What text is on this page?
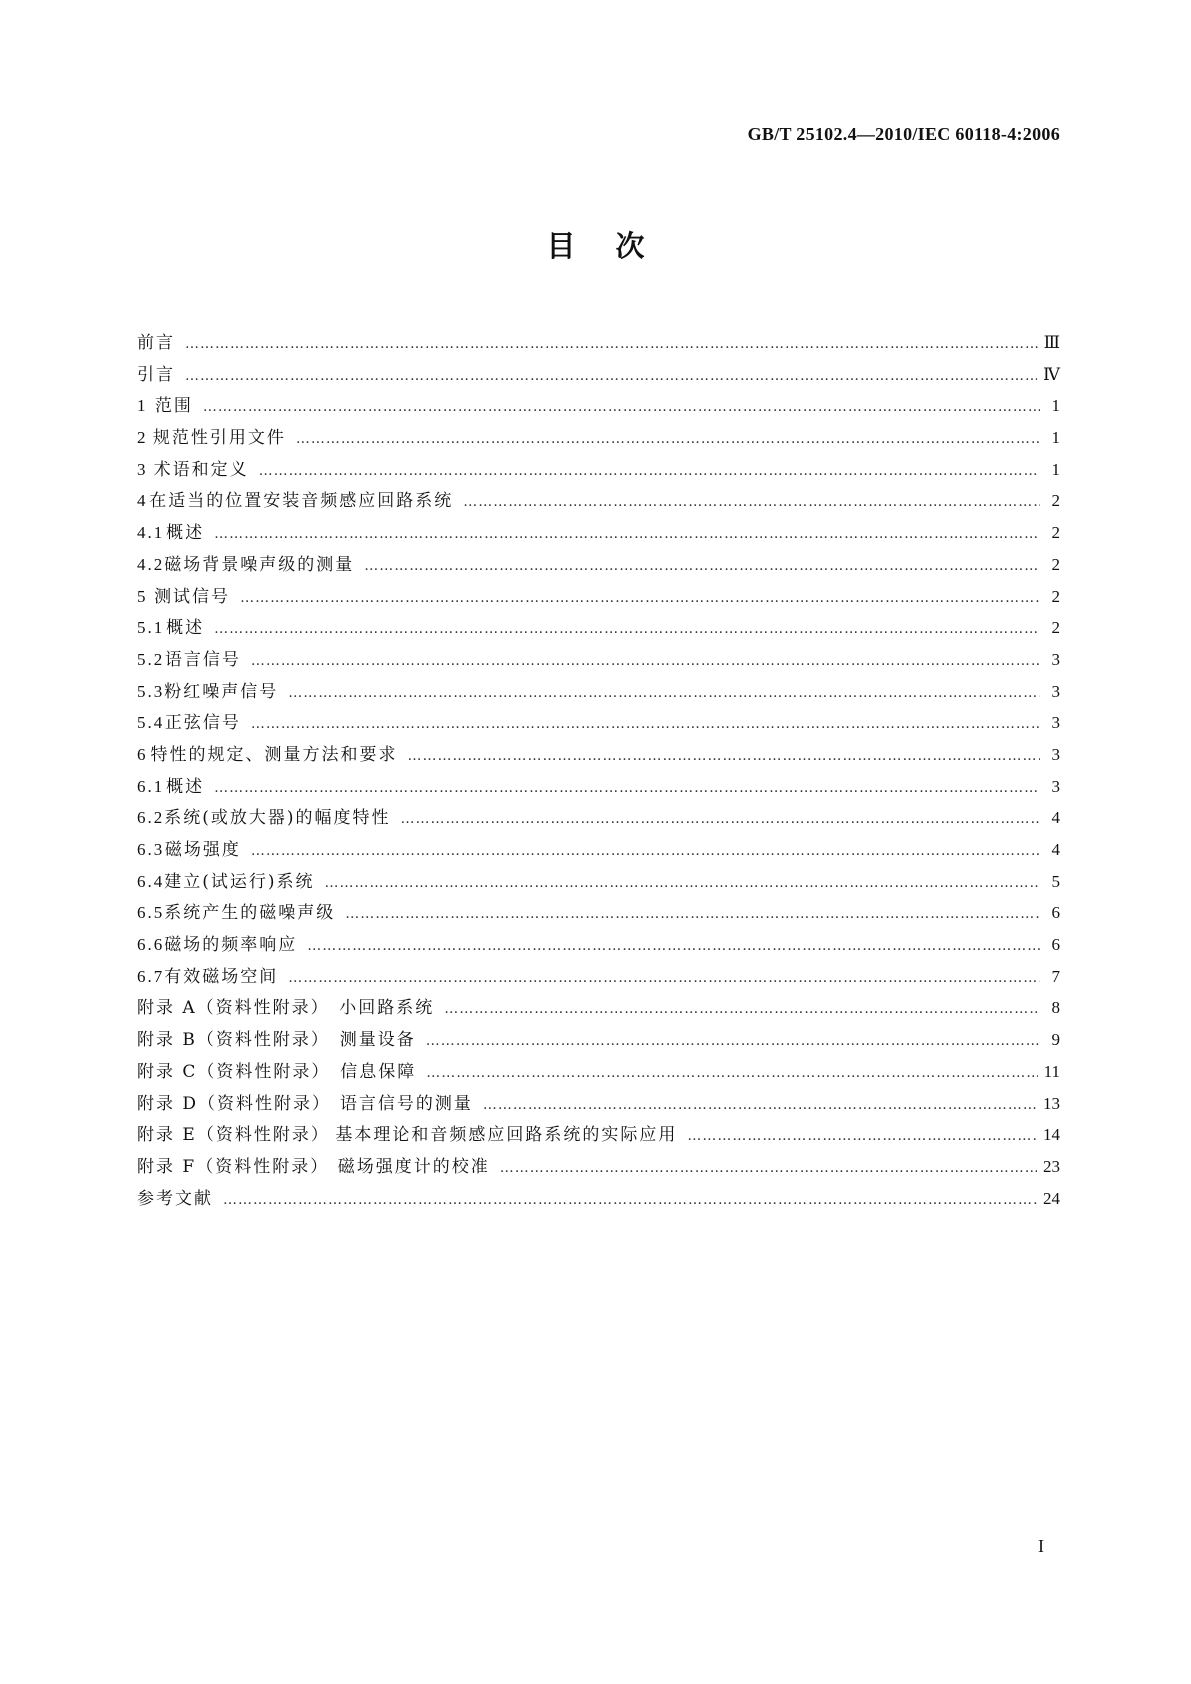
GB/T 25102.4—2010/IEC 60118-4:2006
目次
前言 …………………………………………………………………………………………………………………………………………………………………………………………………………………………………………………………………………	Ⅲ
引言 …………………………………………………………………………………………………………………………………………………………………………………………………………………………………………………………………………	Ⅳ
1 范围 …………………………………………………………………………………………………………………………………………………………………………………………………………………………………………………………………………	1
2 规范性引用文件 …………………………………………………………………………………………………………………………………………………………………………………………………………………………………………………………………………	1
3 术语和定义 …………………………………………………………………………………………………………………………………………………………………………………………………………………………………………………………………………	1
4 在适当的位置安装音频感应回路系统 …………………………………………………………………………………………………………………………………………………………………………………………………………………………………………………………………………	2
4.1 概述 …………………………………………………………………………………………………………………………………………………………………………………………………………………………………………………………………………	2
4.2 磁场背景噪声级的测量 …………………………………………………………………………………………………………………………………………………………………………………………………………………………………………………………………………	2
5 测试信号 …………………………………………………………………………………………………………………………………………………………………………………………………………………………………………………………………………	2
5.1 概述 …………………………………………………………………………………………………………………………………………………………………………………………………………………………………………………………………………	2
5.2 语言信号 …………………………………………………………………………………………………………………………………………………………………………………………………………………………………………………………………………	3
5.3 粉红噪声信号 …………………………………………………………………………………………………………………………………………………………………………………………………………………………………………………………………………	3
5.4 正弦信号 …………………………………………………………………………………………………………………………………………………………………………………………………………………………………………………………………………	3
6 特性的规定、测量方法和要求 …………………………………………………………………………………………………………………………………………………………………………………………………………………………………………………………………………	3
6.1 概述 …………………………………………………………………………………………………………………………………………………………………………………………………………………………………………………………………………	3
6.2 系统(或放大器)的幅度特性 …………………………………………………………………………………………………………………………………………………………………………………………………………………………………………………………………………	4
6.3 磁场强度 …………………………………………………………………………………………………………………………………………………………………………………………………………………………………………………………………………	4
6.4 建立(试运行)系统 …………………………………………………………………………………………………………………………………………………………………………………………………………………………………………………………………………	5
6.5 系统产生的磁噪声级 …………………………………………………………………………………………………………………………………………………………………………………………………………………………………………………………………………	6
6.6 磁场的频率响应 …………………………………………………………………………………………………………………………………………………………………………………………………………………………………………………………………………	6
6.7 有效磁场空间 …………………………………………………………………………………………………………………………………………………………………………………………………………………………………………………………………………	7
附录 A（资料性附录） 小回路系统 …………………………………………………………………………………………………………………………………………………………………………………………………………………………………………………………………………	8
附录 B（资料性附录） 测量设备 …………………………………………………………………………………………………………………………………………………………………………………………………………………………………………………………………………	9
附录 C（资料性附录） 信息保障 …………………………………………………………………………………………………………………………………………………………………………………………………………………………………………………………………………	11
附录 D（资料性附录） 语言信号的测量 …………………………………………………………………………………………………………………………………………………………………………………………………………………………………………………………………………	13
附录 E（资料性附录） 基本理论和音频感应回路系统的实际应用 …………………………………………………………………………………………………………………………………………………………………………………………………………………………………………………………………………	14
附录 F（资料性附录） 磁场强度计的校准 …………………………………………………………………………………………………………………………………………………………………………………………………………………………………………………………………………	23
参考文献 …………………………………………………………………………………………………………………………………………………………………………………………………………………………………………………………………………	24
I
